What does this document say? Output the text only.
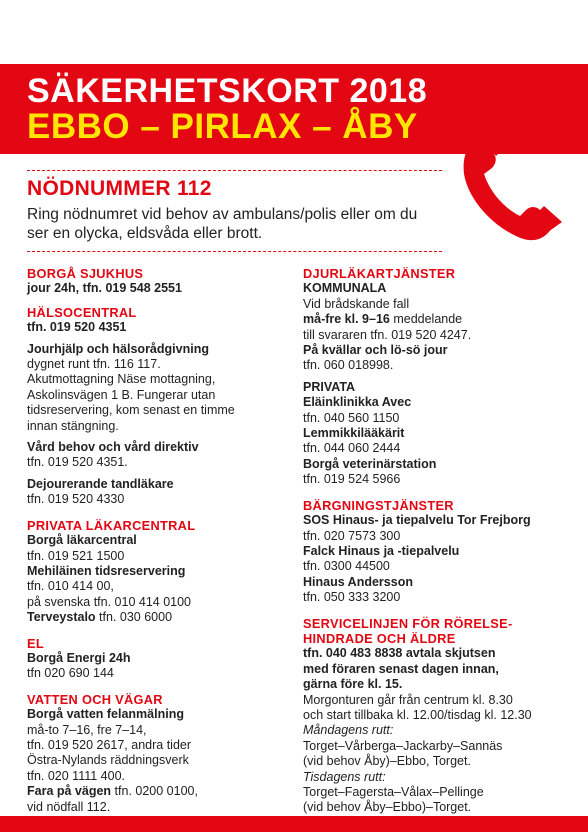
SÄKERHETSKORT 2018
EBBO – PIRLAX – ÅBY
NÖDNUMMER 112
Ring nödnumret vid behov av ambulans/polis eller om du ser en olycka, eldsvåda eller brott.
BORGÅ SJUKHUS
jour 24h, tfn. 019 548 2551
HÄLSOCENTRAL
tfn. 019 520 4351
Jourhjälp och hälsorådgivning
dygnet runt tfn. 116 117.
Akutmottagning Näse mottagning,
Askolinsvägen 1 B. Fungerar utan
tidsreservering, kom senast en timme
innan stängning.
Vård behov och vård direktiv
tfn. 019 520 4351.
Dejourerande tandläkare
tfn. 019 520 4330
PRIVATA LÄKARCENTRAL
Borgå läkarcentral
tfn. 019 521 1500
Mehiläinen tidsreservering
tfn. 010 414 00,
på svenska tfn. 010 414 0100
Terveystalo tfn. 030 6000
EL
Borgå Energi 24h
tfn 020 690 144
VATTEN OCH VÄGAR
Borgå vatten felanmälning
må-to 7–16, fre 7–14,
tfn. 019 520 2617, andra tider
Östra-Nylands räddningsverk
tfn. 020 1111 400.
Fara på vägen tfn. 0200 0100,
vid nödfall 112.
DJURLÄKARTJÄNSTER
KOMMUNALA
Vid brådskande fall
må-fre kl. 9–16 meddelande
till svararen tfn. 019 520 4247.
På kvällar och lö-sö jour
tfn. 060 018998.
PRIVATA
Eläinklinikka Avec
tfn. 040 560 1150
Lemmikkilääkärit
tfn. 044 060 2444
Borgå veterinärstation
tfn. 019 524 5966
BÄRGNINGSTJÄNSTER
SOS Hinaus- ja tiepalvelu Tor Frejborg
tfn. 020 7573 300
Falck Hinaus ja -tiepalvelu
tfn. 0300 44500
Hinaus Andersson
tfn. 050 333 3200
SERVICELINJEN FÖR RÖRELSE-
HINDRADE OCH ÄLDRE
tfn. 040 483 8838 avtala skjutsen
med föraren senast dagen innan,
gärna före kl. 15.
Morgonturen går från centrum kl. 8.30
och start tillbaka kl. 12.00/tisdag kl. 12.30
Måndagens rutt:
Torget–Vårberga–Jackarby–Sannäs
(vid behov Åby)–Ebbo, Torget.
Tisdagens rutt:
Torget–Fagersta–Vålax–Pellinge
(vid behov Åby–Ebbo)–Torget.
